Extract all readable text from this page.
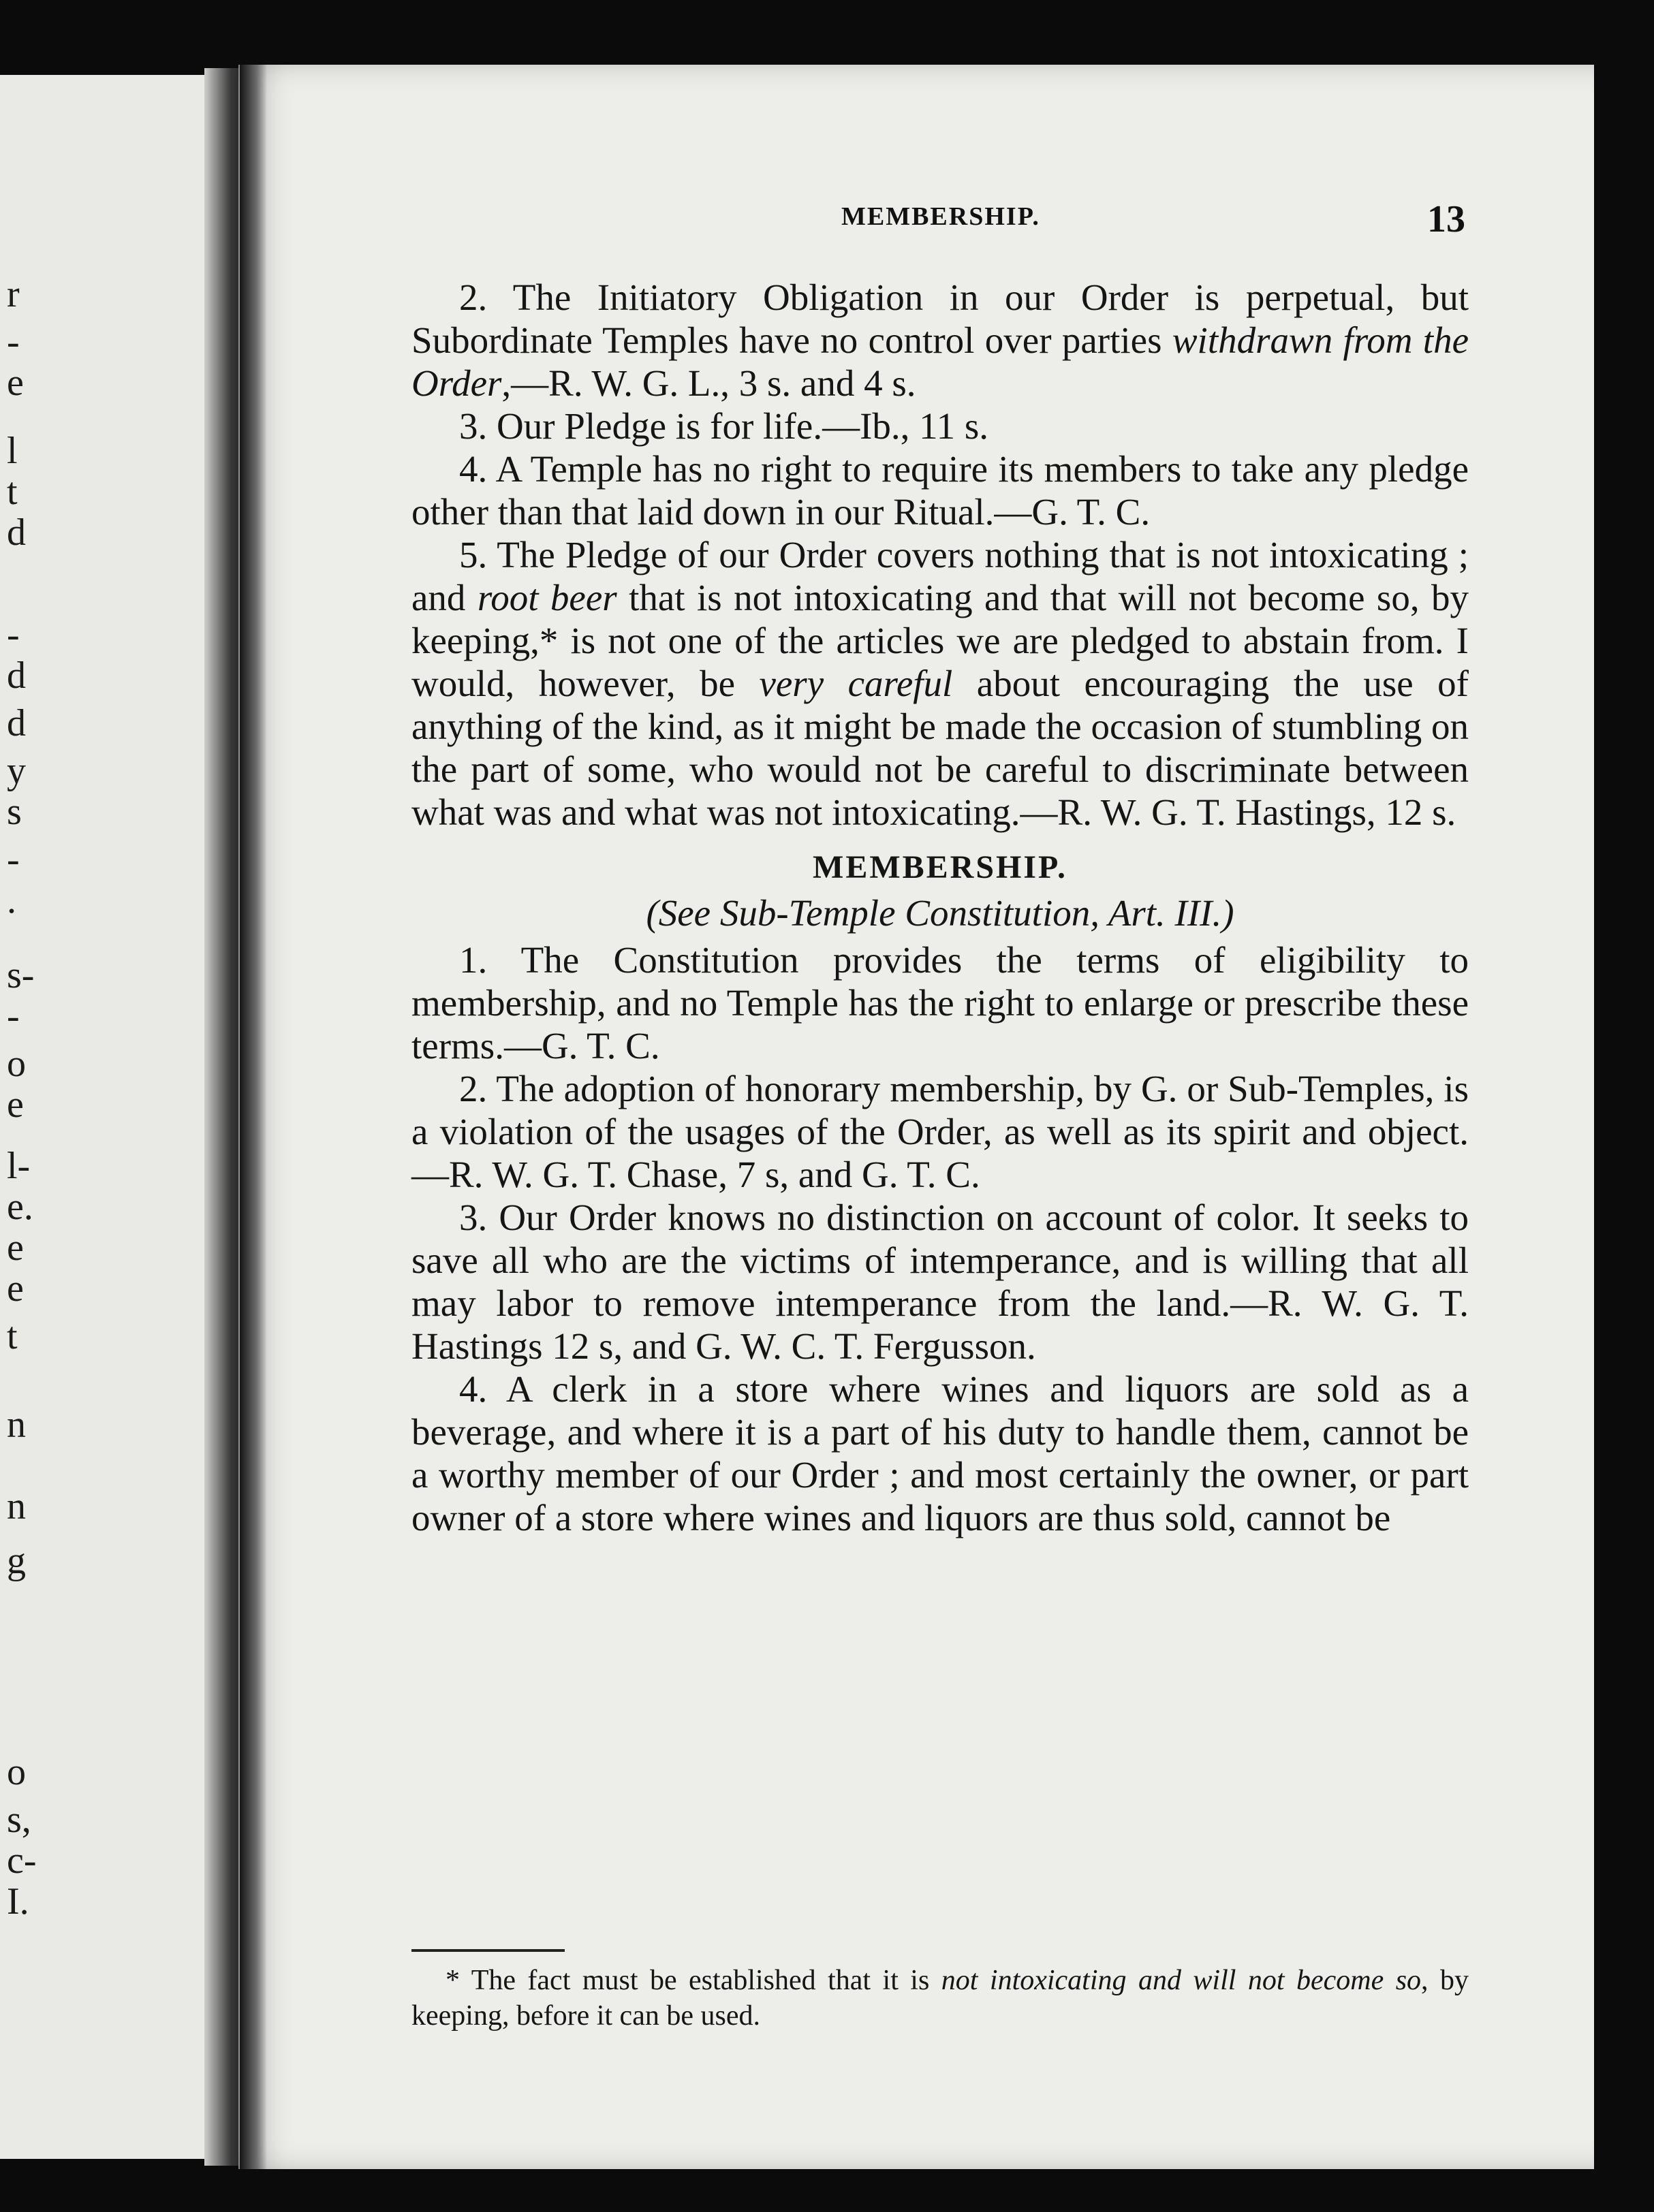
r
-
e
l
t
d
-
d
d
y
s
-
.
s-
-
o
e
l-
e.
e
e
t
n
n
g
o
s,
c-
I.
MEMBERSHIP.	13

2. The Initiatory Obligation in our Order is perpetual, but Subordinate Temples have no control over parties withdrawn from the Order,—R. W. G. L., 3 s. and 4 s.

3. Our Pledge is for life.—Ib., 11 s.

4. A Temple has no right to require its members to take any pledge other than that laid down in our Ritual.—G. T. C.

5. The Pledge of our Order covers nothing that is not intoxicating ; and root beer that is not intoxicating and that will not become so, by keeping,* is not one of the articles we are pledged to abstain from. I would, however, be very careful about encouraging the use of anything of the kind, as it might be made the occasion of stumbling on the part of some, who would not be careful to discriminate between what was and what was not intoxicating.—R. W. G. T. Hastings, 12 s.

MEMBERSHIP.

(See Sub-Temple Constitution, Art. III.)

1. The Constitution provides the terms of eligibility to membership, and no Temple has the right to enlarge or prescribe these terms.—G. T. C.

2. The adoption of honorary membership, by G. or Sub-Temples, is a violation of the usages of the Order, as well as its spirit and object.—R. W. G. T. Chase, 7 s, and G. T. C.

3. Our Order knows no distinction on account of color. It seeks to save all who are the victims of intemperance, and is willing that all may labor to remove intemperance from the land.—R. W. G. T. Hastings 12 s, and G. W. C. T. Fergusson.

4. A clerk in a store where wines and liquors are sold as a beverage, and where it is a part of his duty to handle them, cannot be a worthy member of our Order ; and most certainly the owner, or part owner of a store where wines and liquors are thus sold, cannot be

* The fact must be established that it is not intoxicating and will not become so, by keeping, before it can be used.
